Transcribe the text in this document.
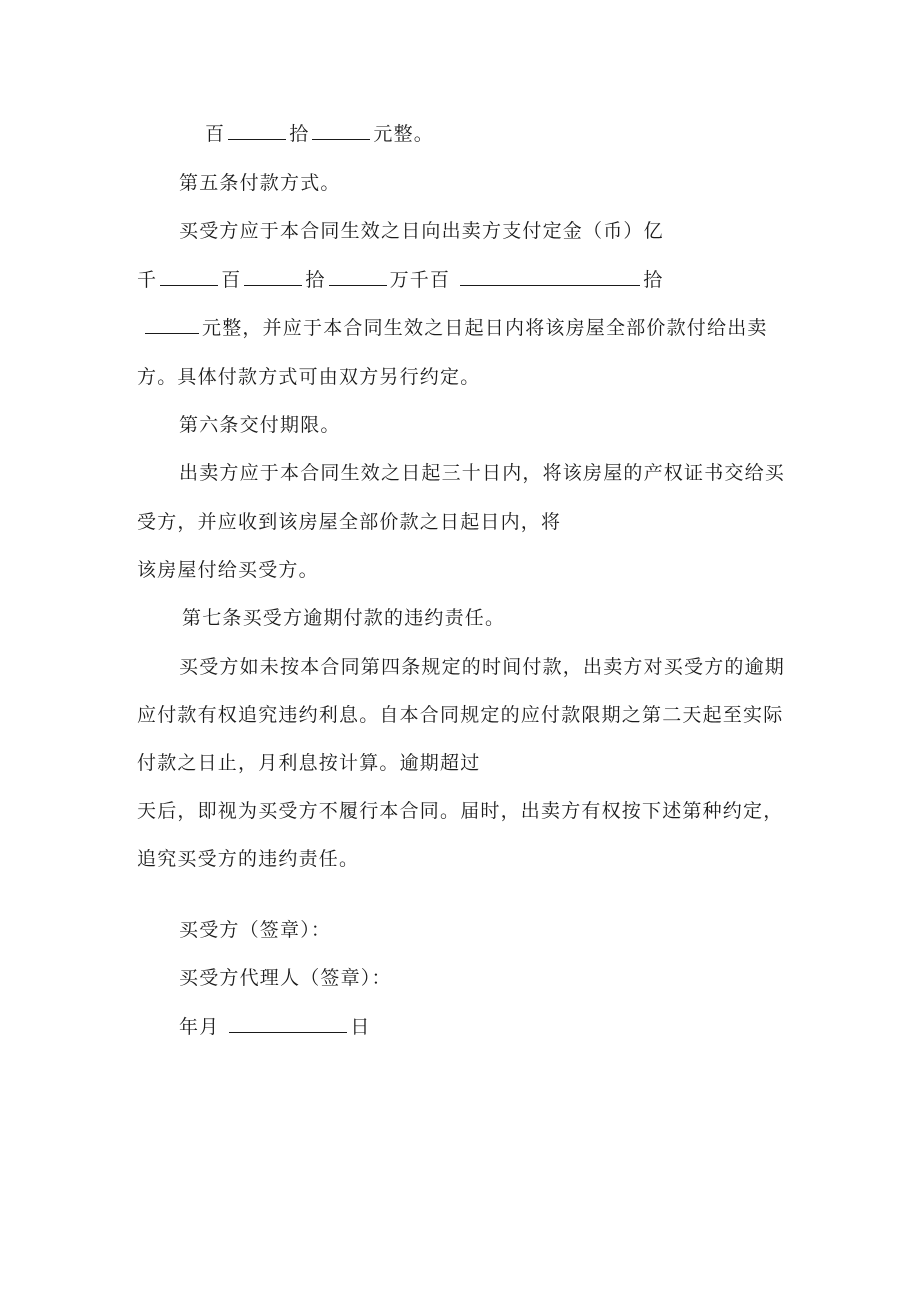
百	拾	元整。
第五条付款方式。
买受方应于本合同生效之日向出卖方支付定金（币）亿
千	百	拾	万千百	拾
元整，并应于本合同生效之日起日内将该房屋全部价款付给出卖
方。具体付款方式可由双方另行约定。
第六条交付期限。
出卖方应于本合同生效之日起三十日内，将该房屋的产权证书交给买
受方，并应收到该房屋全部价款之日起日内，将
该房屋付给买受方。
第七条买受方逾期付款的违约责任。
买受方如未按本合同第四条规定的时间付款，出卖方对买受方的逾期
应付款有权追究违约利息。自本合同规定的应付款限期之第二天起至实际
付款之日止，月利息按计算。逾期超过
天后，即视为买受方不履行本合同。届时，出卖方有权按下述第种约定，
追究买受方的违约责任。
买受方（签章）：
买受方代理人（签章）：
年月	日
